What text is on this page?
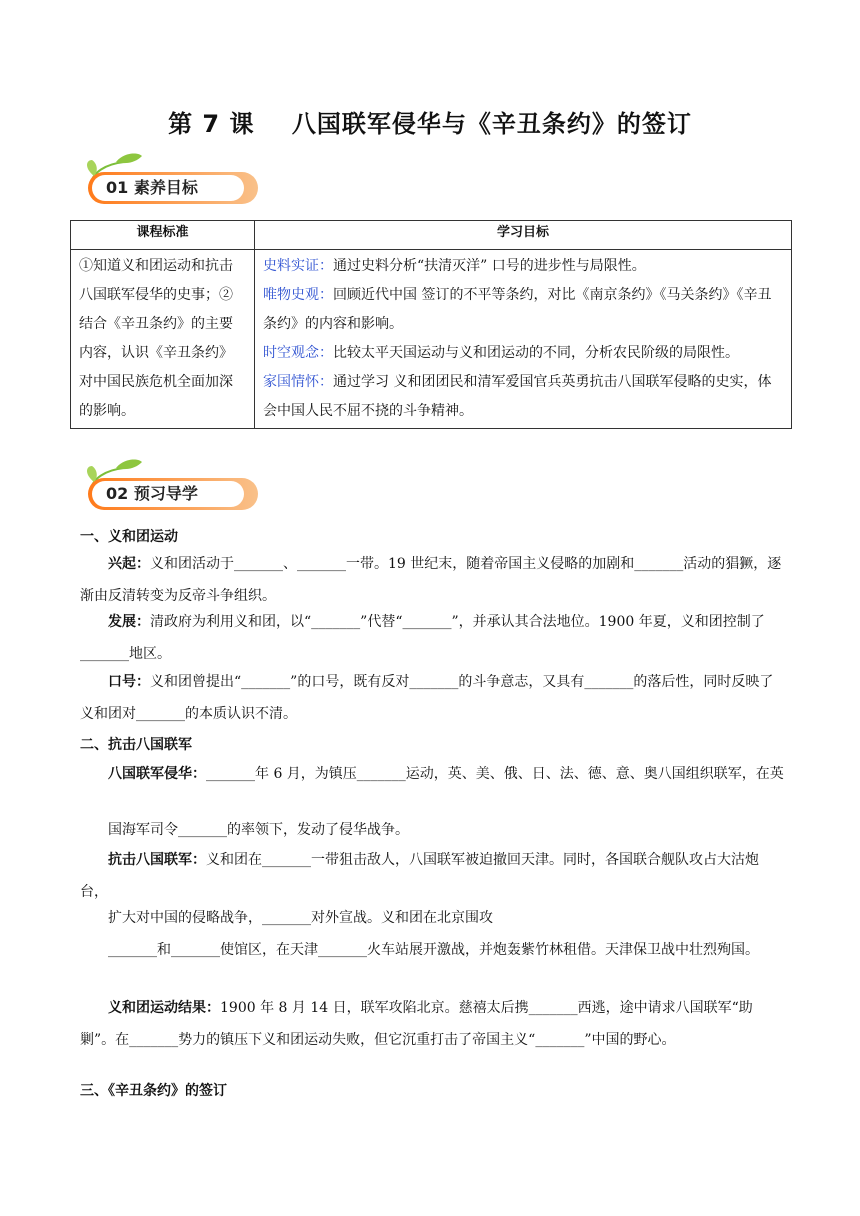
第 7 课    八国联军侵华与《辛丑条约》的签订
01 素养目标
课程标准	学习目标
①知道义和团运动和抗击八国联军侵华的史事；②结合《辛丑条约》的主要内容，认识《辛丑条约》对中国民族危机全面加深的影响。	史料实证：通过史料分析“扶清灭洋” 口号的进步性与局限性。
唯物史观：回顾近代中国 签订的不平等条约，对比《南京条约》《马关条约》《辛丑条约》的内容和影响。
时空观念：比较太平天国运动与义和团运动的不同，分析农民阶级的局限性。
家国情怀：通过学习 义和团团民和清军爱国官兵英勇抗击八国联军侵略的史实，体会中国人民不屈不挠的斗争精神。
02 预习导学
一、义和团运动
兴起：义和团活动于_______、_______一带。19 世纪末，随着帝国主义侵略的加剧和_______活动的猖獗，逐渐由反清转变为反帝斗争组织。
发展：清政府为利用义和团，以“_______”代替“_______”，并承认其合法地位。1900 年夏，义和团控制了_______地区。
口号：义和团曾提出“_______”的口号，既有反对_______的斗争意志，又具有_______的落后性，同时反映了义和团对_______的本质认识不清。
二、抗击八国联军
八国联军侵华：_______年 6 月，为镇压_______运动，英、美、俄、日、法、德、意、奥八国组织联军，在英
国海军司令_______的率领下，发动了侵华战争。
抗击八国联军：义和团在_______一带狙击敌人，八国联军被迫撤回天津。同时，各国联合舰队攻占大沽炮台，
扩大对中国的侵略战争，_______对外宣战。义和团在北京围攻
_______和_______使馆区，在天津_______火车站展开激战，并炮轰紫竹林租借。天津保卫战中壮烈殉国。
义和团运动结果：1900 年 8 月 14 日，联军攻陷北京。慈禧太后携_______西逃，途中请求八国联军“助剿”。在_______势力的镇压下义和团运动失败，但它沉重打击了帝国主义“_______”中国的野心。
三、《辛丑条约》的签订
